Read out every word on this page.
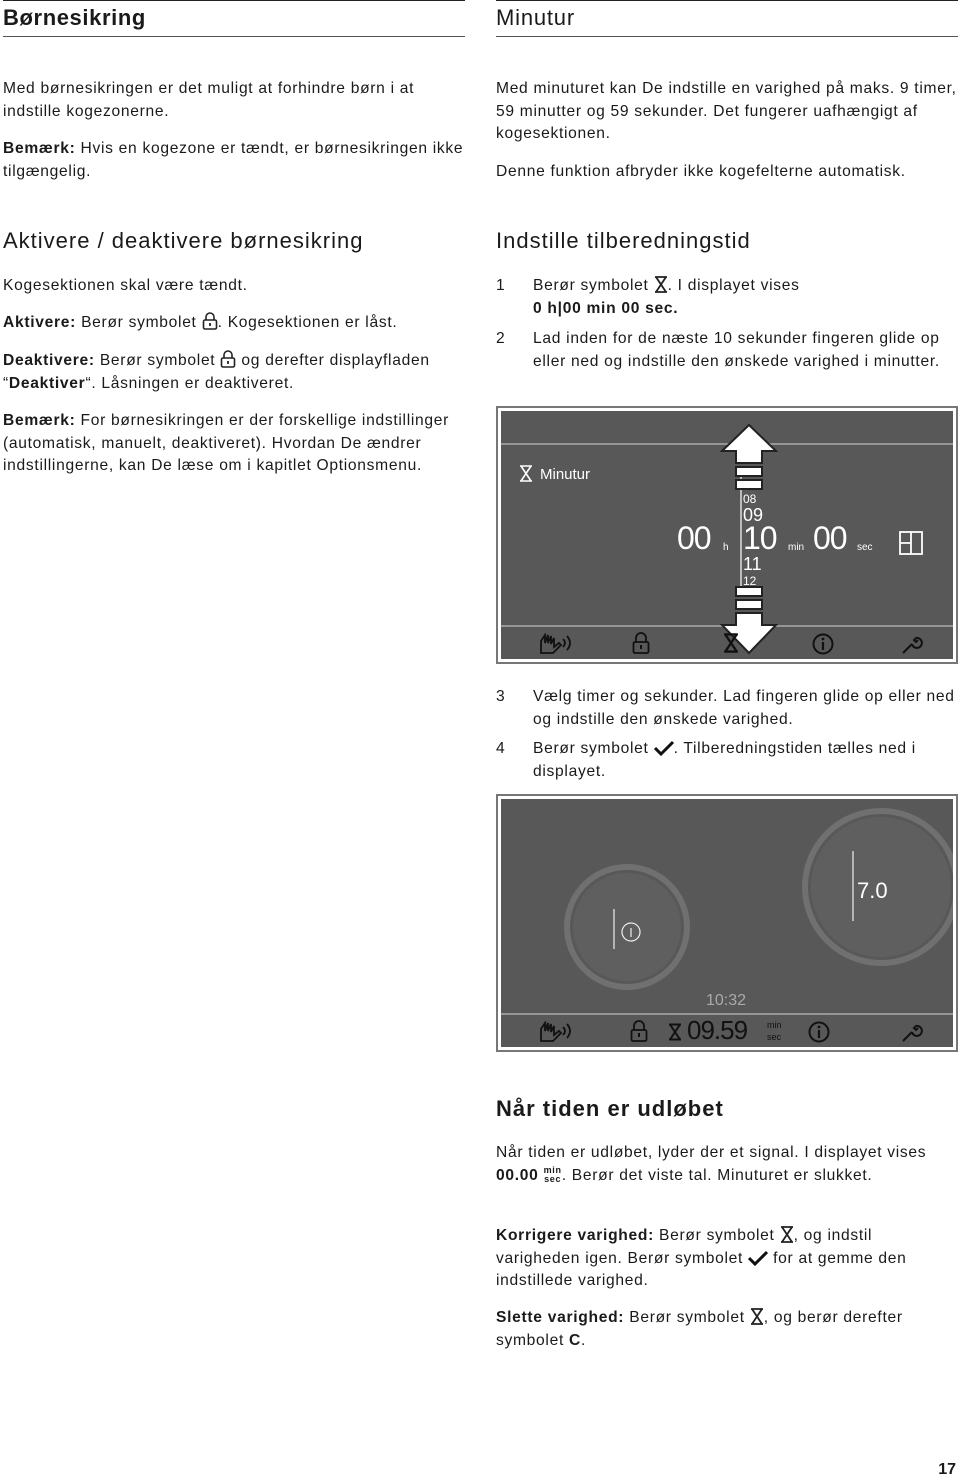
Børnesikring
Med børnesikringen er det muligt at forhindre børn i at indstille kogezonerne.
Bemærk: Hvis en kogezone er tændt, er børnesikringen ikke tilgængelig.
Aktivere / deaktivere børnesikring
Kogesektionen skal være tændt.
Aktivere: Berør symbolet . Kogesektionen er låst.
Deaktivere: Berør symbolet  og derefter displayfladen “Deaktiver“. Låsningen er deaktiveret.
Bemærk: For børnesikringen er der forskellige indstillinger (automatisk, manuelt, deaktiveret). Hvordan De ændrer indstillingerne, kan De læse om i kapitlet Optionsmenu.
Minutur
Med minuturet kan De indstille en varighed på maks. 9 timer, 59 minutter og 59 sekunder. Det fungerer uafhængigt af kogesektionen.
Denne funktion afbryder ikke kogefelterne automatisk.
Indstille tilberedningstid
1 Berør symbolet . I displayet vises
0 h|00 min 00 sec.
2 Lad inden for de næste 10 sekunder fingeren glide op eller ned og indstille den ønskede varighed i minutter.
Minutur
00 h
08
09
10
11
12
min 00 sec
3 Vælg timer og sekunder. Lad fingeren glide op eller ned og indstille den ønskede varighed.
4 Berør symbolet . Tilberedningstiden tælles ned i displayet.
7.0
10:32
09.59 min
sec
Når tiden er udløbet
Når tiden er udløbet, lyder der et signal. I displayet vises 00.00 min
sec. Berør det viste tal. Minuturet er slukket.
Korrigere varighed: Berør symbolet , og indstil varigheden igen. Berør symbolet  for at gemme den indstillede varighed.
Slette varighed: Berør symbolet , og berør derefter symbolet C.
17
